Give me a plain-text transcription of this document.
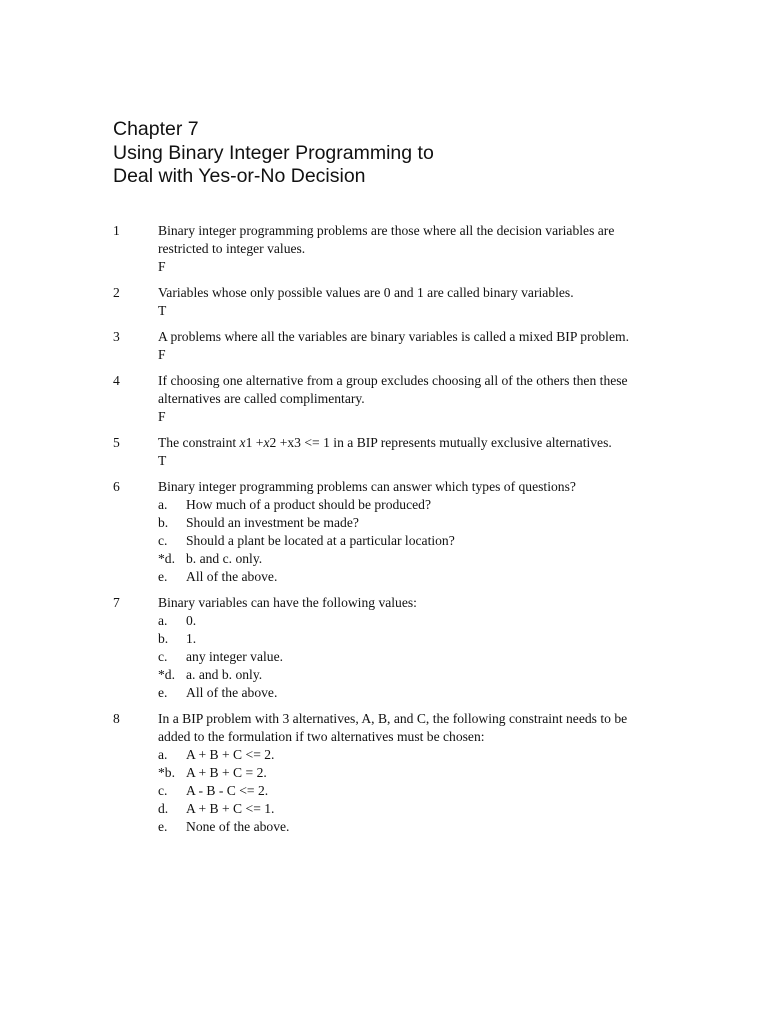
Chapter 7
Using Binary Integer Programming to
Deal with Yes-or-No Decision
1	Binary integer programming problems are those where all the decision variables are restricted to integer values.
F
2	Variables whose only possible values are 0 and 1 are called binary variables.
T
3	A problems where all the variables are binary variables is called a mixed BIP problem.
F
4	If choosing one alternative from a group excludes choosing all of the others then these alternatives are called complimentary.
F
5	The constraint x1 +x2 +x3 <= 1 in a BIP represents mutually exclusive alternatives.
T
6	Binary integer programming problems can answer which types of questions?
a. How much of a product should be produced?
b. Should an investment be made?
c. Should a plant be located at a particular location?
*d. b. and c. only.
e. All of the above.
7	Binary variables can have the following values:
a. 0.
b. 1.
c. any integer value.
*d. a. and b. only.
e. All of the above.
8	In a BIP problem with 3 alternatives, A, B, and C, the following constraint needs to be added to the formulation if two alternatives must be chosen:
a. A + B + C <= 2.
*b. A + B + C = 2.
c. A - B - C <= 2.
d. A + B + C <= 1.
e. None of the above.
